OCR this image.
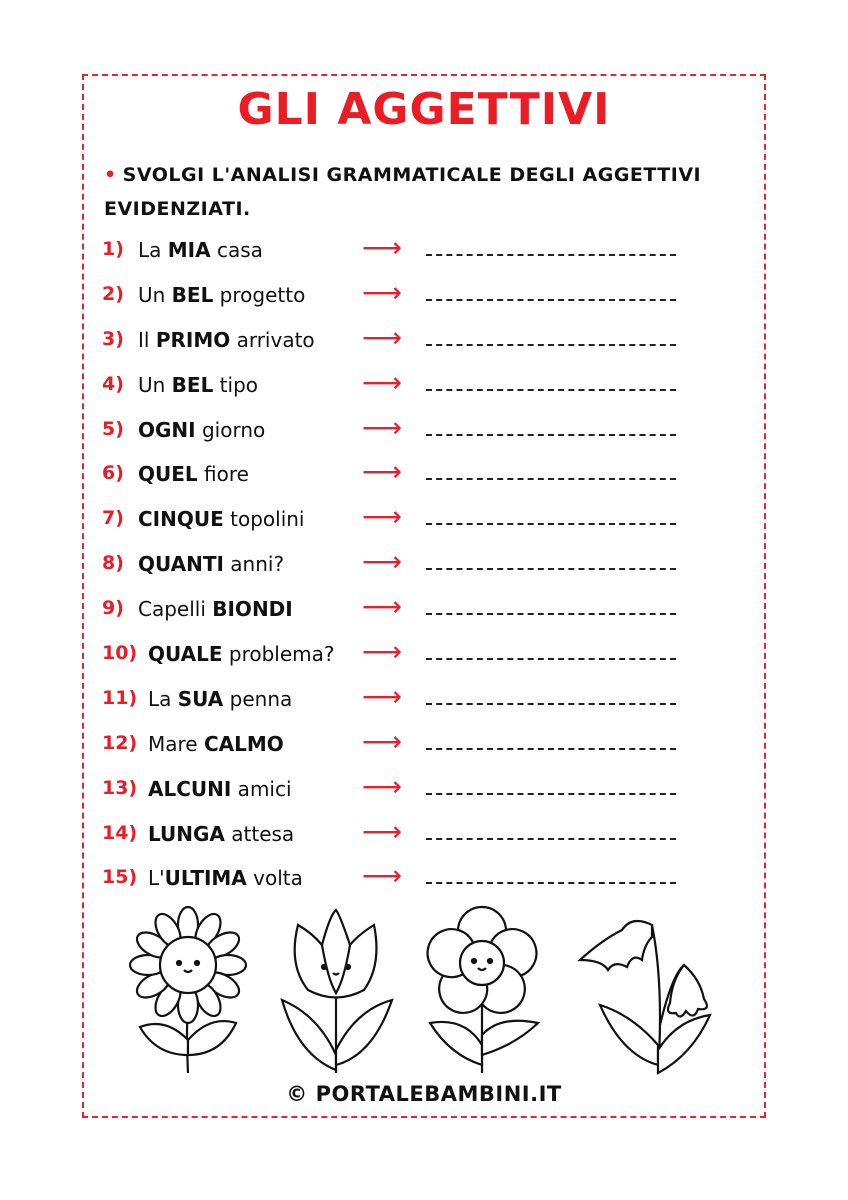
GLI AGGETTIVI
• SVOLGI L'ANALISI GRAMMATICALE DEGLI AGGETTIVI EVIDENZIATI.
1) La MIA casa	⟶
2) Un BEL progetto ⟶
3) Il PRIMO arrivato ⟶
4) Un BEL tipo	⟶
5) OGNI giorno	⟶
6) QUEL fiore	⟶
7) CINQUE topolini ⟶
8) QUANTI anni?	⟶
9) Capelli BIONDI ⟶
10) QUALE problema? ⟶
11) La SUA penna ⟶
12) Mare CALMO	⟶
13) ALCUNI amici	⟶
14) LUNGA attesa ⟶
15) L'ULTIMA volta ⟶
© PORTALEBAMBINI.IT
